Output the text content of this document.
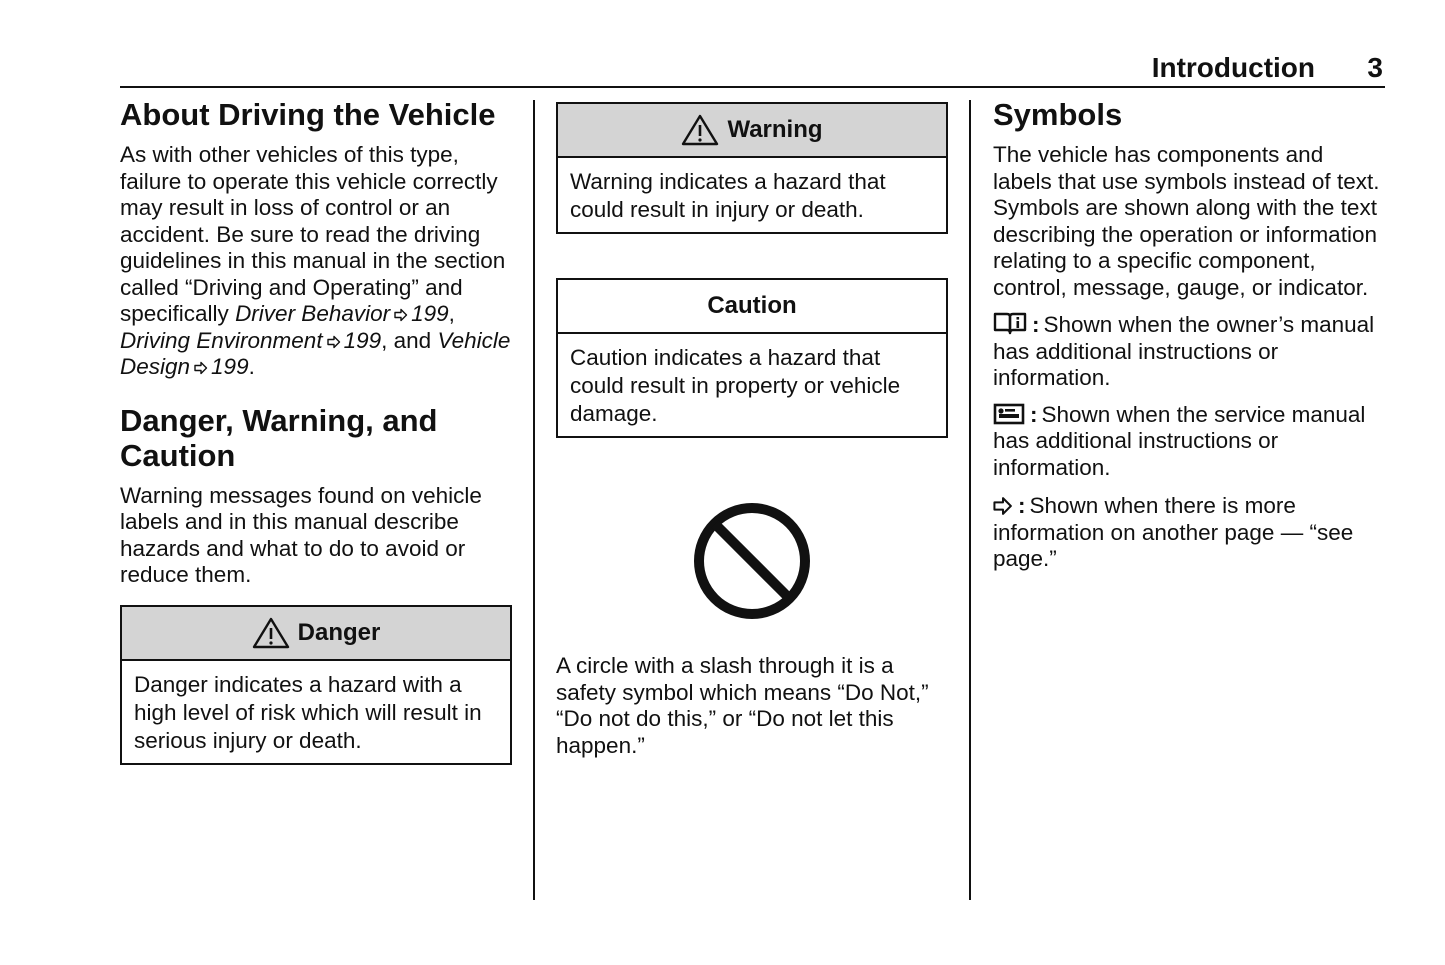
Introduction 3
About Driving the Vehicle

As with other vehicles of this type, failure to operate this vehicle correctly may result in loss of control or an accident. Be sure to read the driving guidelines in this manual in the section called “Driving and Operating” and specifically Driver Behavior 199, Driving Environment 199, and Vehicle Design 199.

Danger, Warning, and Caution

Warning messages found on vehicle labels and in this manual describe hazards and what to do to avoid or reduce them.

Danger
Danger indicates a hazard with a high level of risk which will result in serious injury or death.
Warning
Warning indicates a hazard that could result in injury or death.
Caution
Caution indicates a hazard that could result in property or vehicle damage.

A circle with a slash through it is a safety symbol which means “Do Not,” “Do not do this,” or “Do not let this happen.”

Symbols

The vehicle has components and labels that use symbols instead of text. Symbols are shown along with the text describing the operation or information relating to a specific component, control, message, gauge, or indicator.

: Shown when the owner’s manual has additional instructions or information.
: Shown when the service manual has additional instructions or information.
: Shown when there is more information on another page — “see page.”
